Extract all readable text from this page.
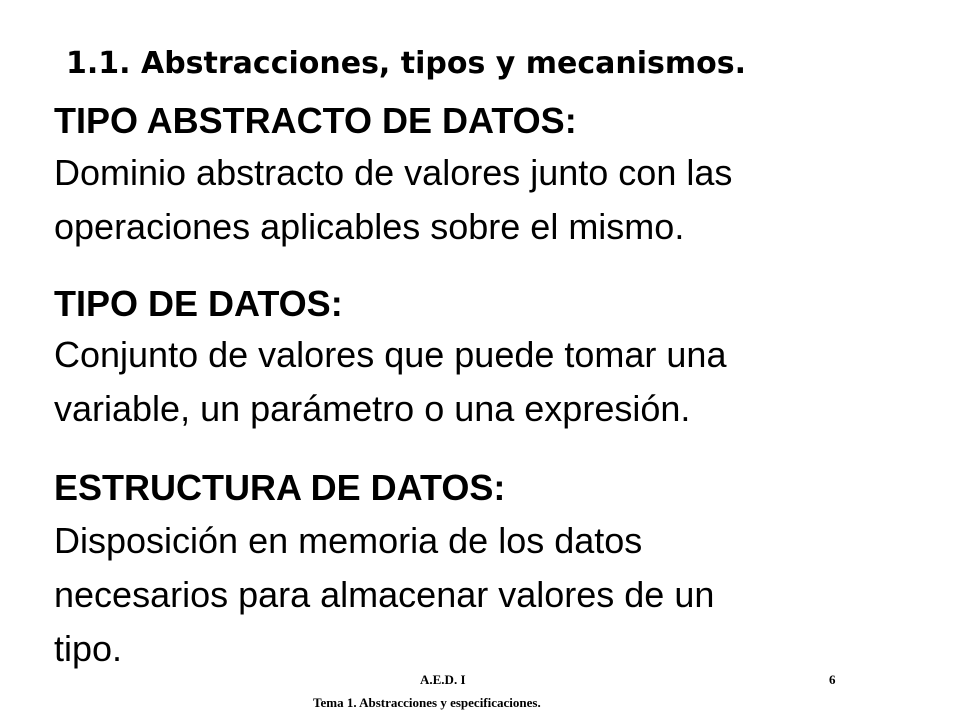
1.1. Abstracciones, tipos y mecanismos.
TIPO ABSTRACTO DE DATOS:
Dominio abstracto de valores junto con las
operaciones aplicables sobre el mismo.
TIPO DE DATOS:
Conjunto de valores que puede tomar una
variable, un parámetro o una expresión.
ESTRUCTURA DE DATOS:
Disposición en memoria de los datos
necesarios para almacenar valores de un
tipo.
A.E.D. I	6
Tema 1. Abstracciones y especificaciones.
